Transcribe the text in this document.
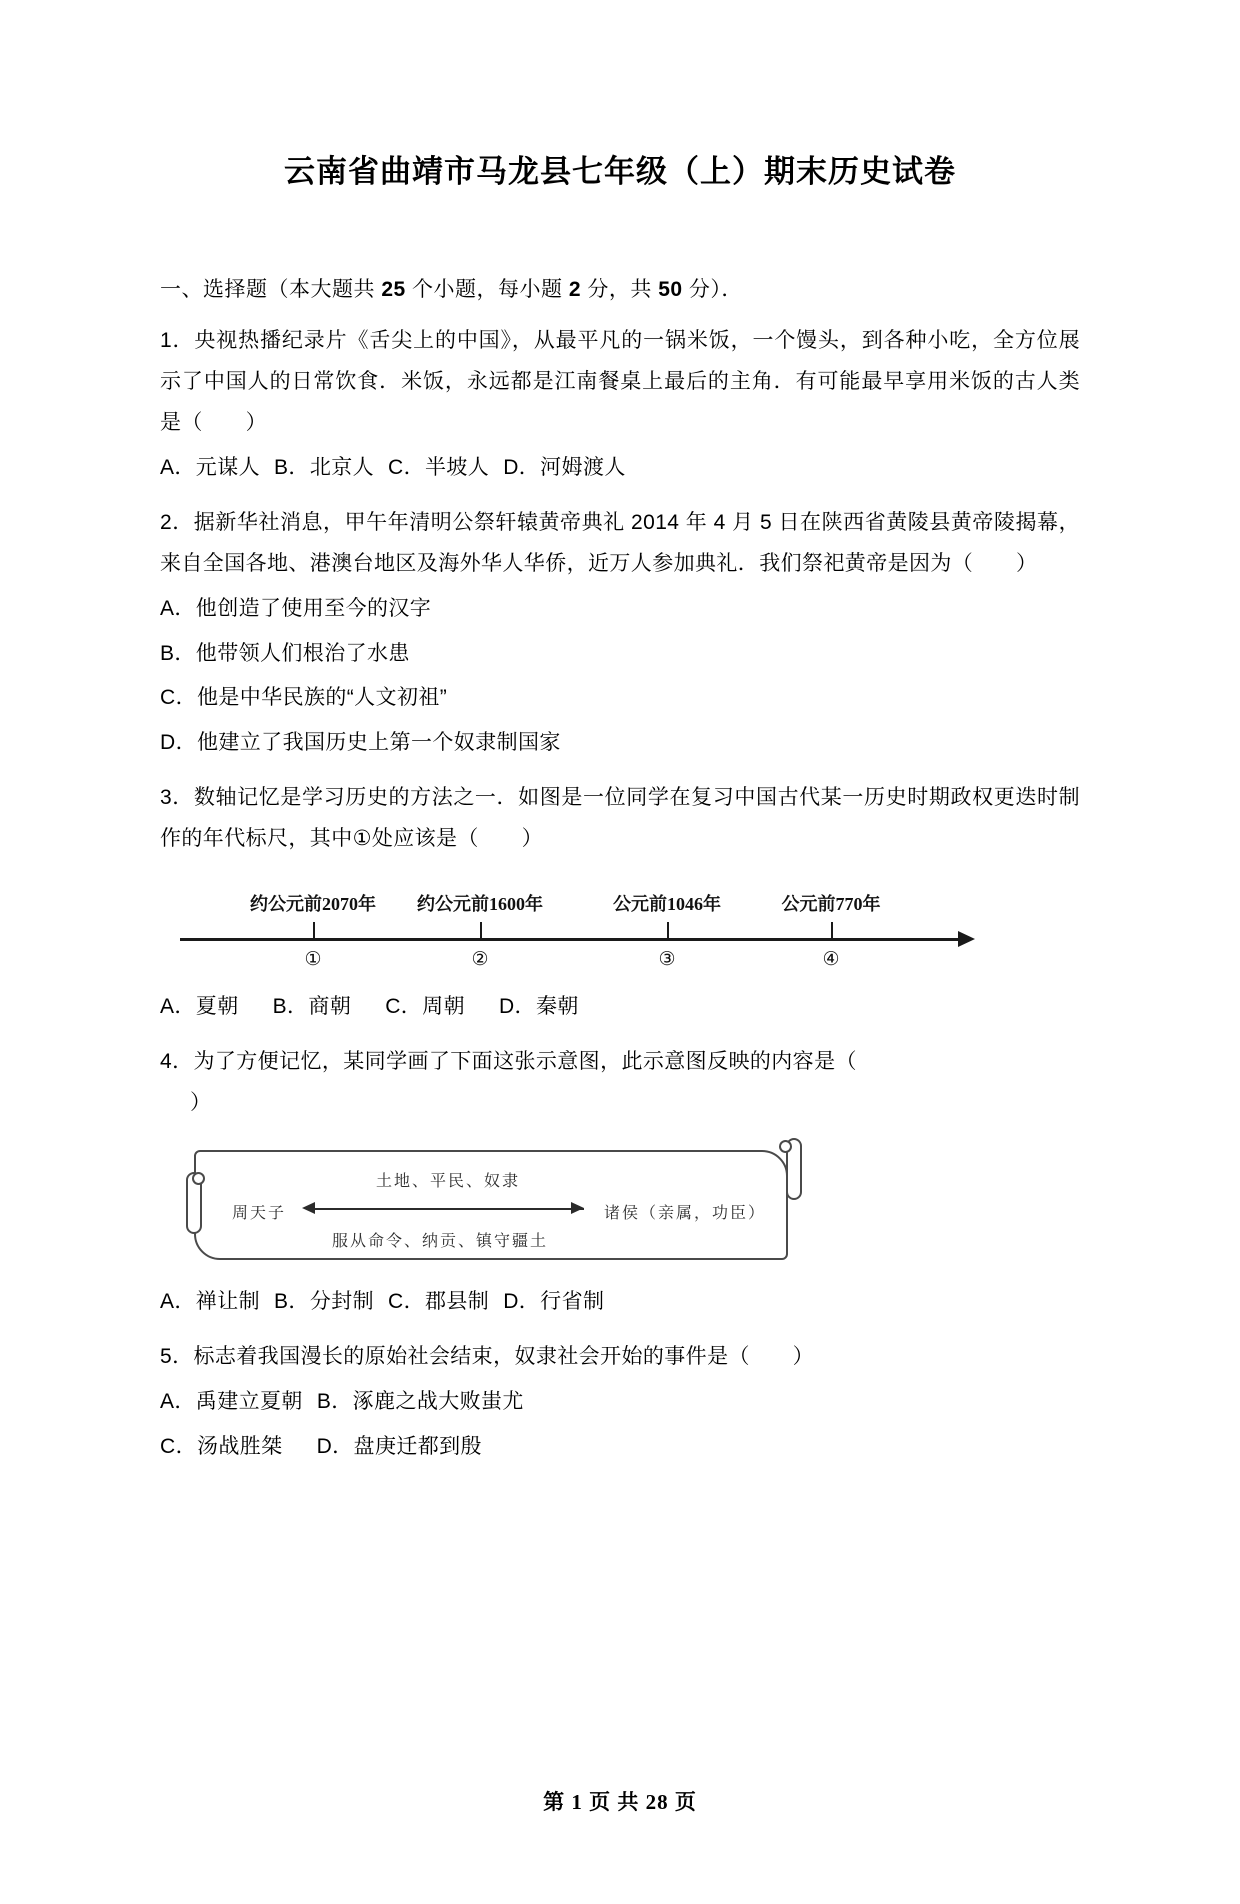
云南省曲靖市马龙县七年级（上）期末历史试卷
一、选择题（本大题共 25 个小题，每小题 2 分，共 50 分）．
1．央视热播纪录片《舌尖上的中国》，从最平凡的一锅米饭，一个馒头，到各种小吃，全方位展示了中国人的日常饮食．米饭，永远都是江南餐桌上最后的主角．有可能最早享用米饭的古人类是（　　）
A．元谋人 B．北京人 C．半坡人 D．河姆渡人
2．据新华社消息，甲午年清明公祭轩辕黄帝典礼 2014 年 4 月 5 日在陕西省黄陵县黄帝陵揭幕，来自全国各地、港澳台地区及海外华人华侨，近万人参加典礼．我们祭祀黄帝是因为（　　）
A．他创造了使用至今的汉字
B．他带领人们根治了水患
C．他是中华民族的“人文初祖”
D．他建立了我国历史上第一个奴隶制国家
3．数轴记忆是学习历史的方法之一．如图是一位同学在复习中国古代某一历史时期政权更迭时制作的年代标尺，其中①处应该是（　　）
约公元前2070年
①
约公元前1600年
②
公元前1046年
③
公元前770年
④
A．夏朝 B．商朝 C．周朝 D．秦朝
4．为了方便记忆，某同学画了下面这张示意图，此示意图反映的内容是（
）
土地、平民、奴隶
周天子	诸侯（亲属，功臣）
服从命令、纳贡、镇守疆土
A．禅让制 B．分封制 C．郡县制 D．行省制
5．标志着我国漫长的原始社会结束，奴隶社会开始的事件是（　　）
A．禹建立夏朝 B．涿鹿之战大败蚩尤
C．汤战胜桀 D．盘庚迁都到殷
第 1 页 共 28 页
